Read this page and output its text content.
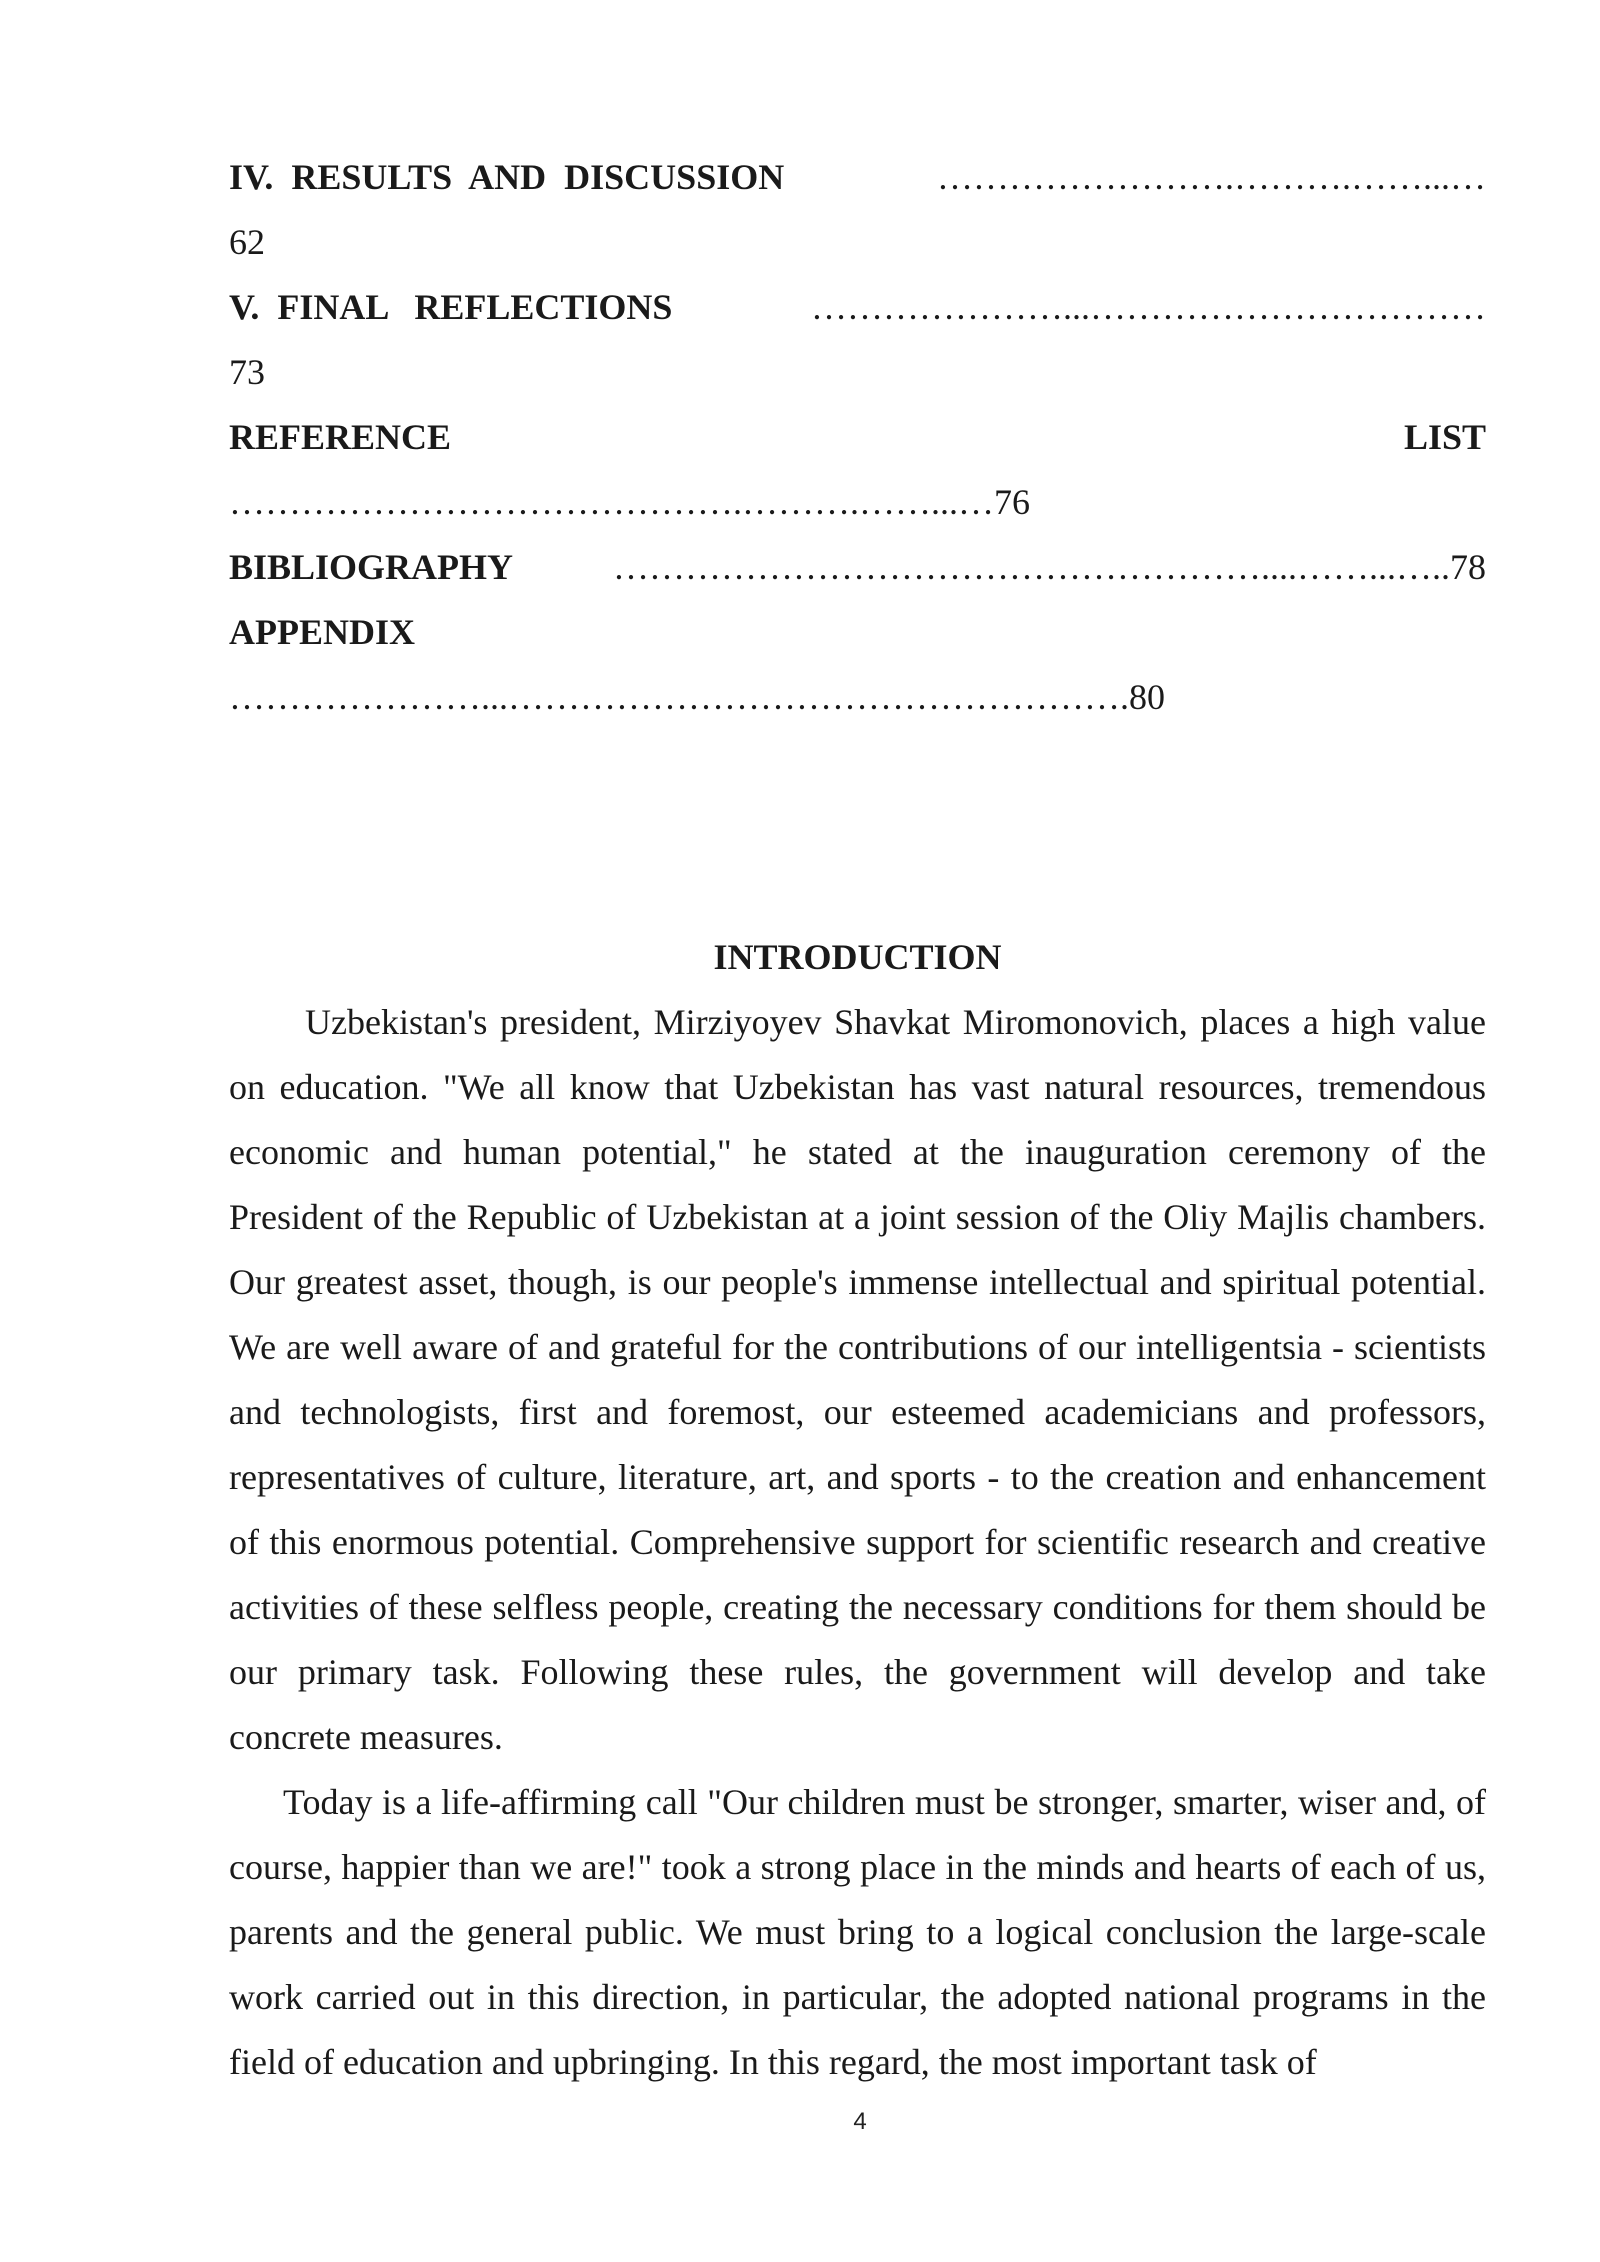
IV.  RESULTS  AND  DISCUSSION	…………………….……….……...…
62
V.  FINAL   REFLECTIONS	…………………...……………………………
73
REFERENCE	LIST
…………………………………….……….……...…76
BIBLIOGRAPHY	………………………………………………....……...…..78
APPENDIX
…………………...…………………………………………….80
INTRODUCTION

Uzbekistan's president, Mirziyoyev Shavkat Miromonovich, places a high value on education. "We all know that Uzbekistan has vast natural resources, tremendous economic and human potential," he stated at the inauguration ceremony of the President of the Republic of Uzbekistan at a joint session of the Oliy Majlis chambers. Our greatest asset, though, is our people's immense intellectual and spiritual potential. We are well aware of and grateful for the contributions of our intelligentsia - scientists and technologists, first and foremost, our esteemed academicians and professors, representatives of culture, literature, art, and sports - to the creation and enhancement of this enormous potential. Comprehensive support for scientific research and creative activities of these selfless people, creating the necessary conditions for them should be our primary task. Following these rules, the government will develop and take concrete measures.

Today is a life-affirming call "Our children must be stronger, smarter, wiser and, of course, happier than we are!" took a strong place in the minds and hearts of each of us, parents and the general public. We must bring to a logical conclusion the large-scale work carried out in this direction, in particular, the adopted national programs in the field of education and upbringing. In this regard, the most important task of

4
